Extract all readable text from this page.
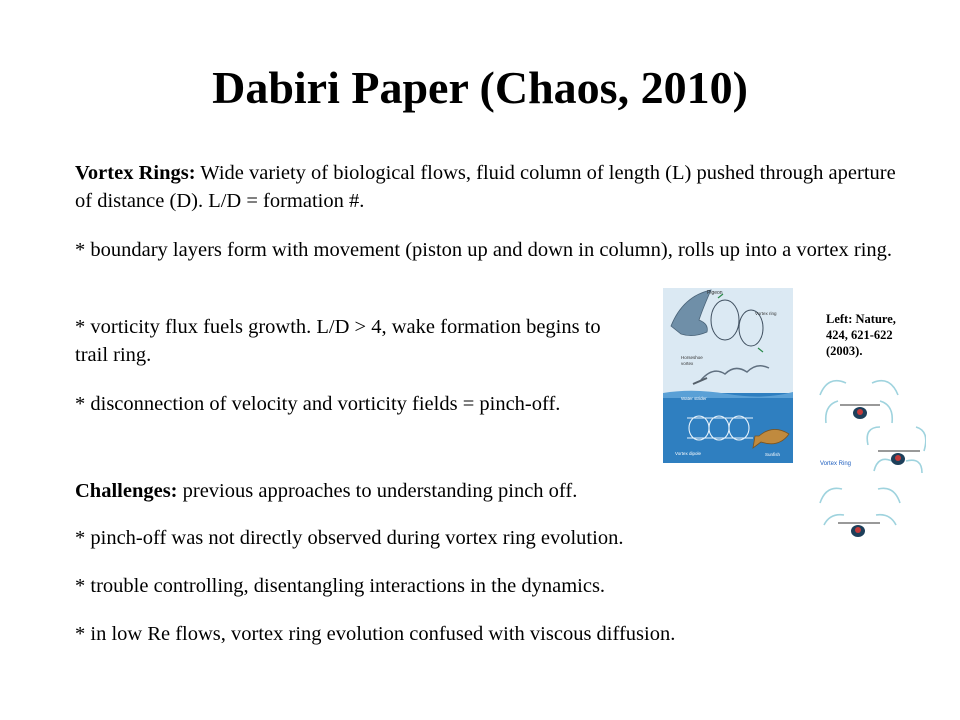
Dabiri Paper (Chaos, 2010)
Vortex Rings: Wide variety of biological flows, fluid column of length (L) pushed through aperture of distance (D). L/D = formation #.
* boundary layers form with movement (piston up and down in column), rolls up into a vortex ring.
* vorticity flux fuels growth. L/D > 4, wake formation begins to trail ring.
* disconnection of velocity and vorticity fields = pinch-off.
Challenges: previous approaches to understanding pinch off.
* pinch-off was not directly observed during vortex ring evolution.
* trouble controlling, disentangling interactions in the dynamics.
* in low Re flows, vortex ring evolution confused with viscous diffusion.
Pigeon
Vortex ring
Horseshoe
vortex
Water strider
Vortex dipole	Sunfish
Left: Nature,
424, 621-622
(2003).
Vortex Ring
